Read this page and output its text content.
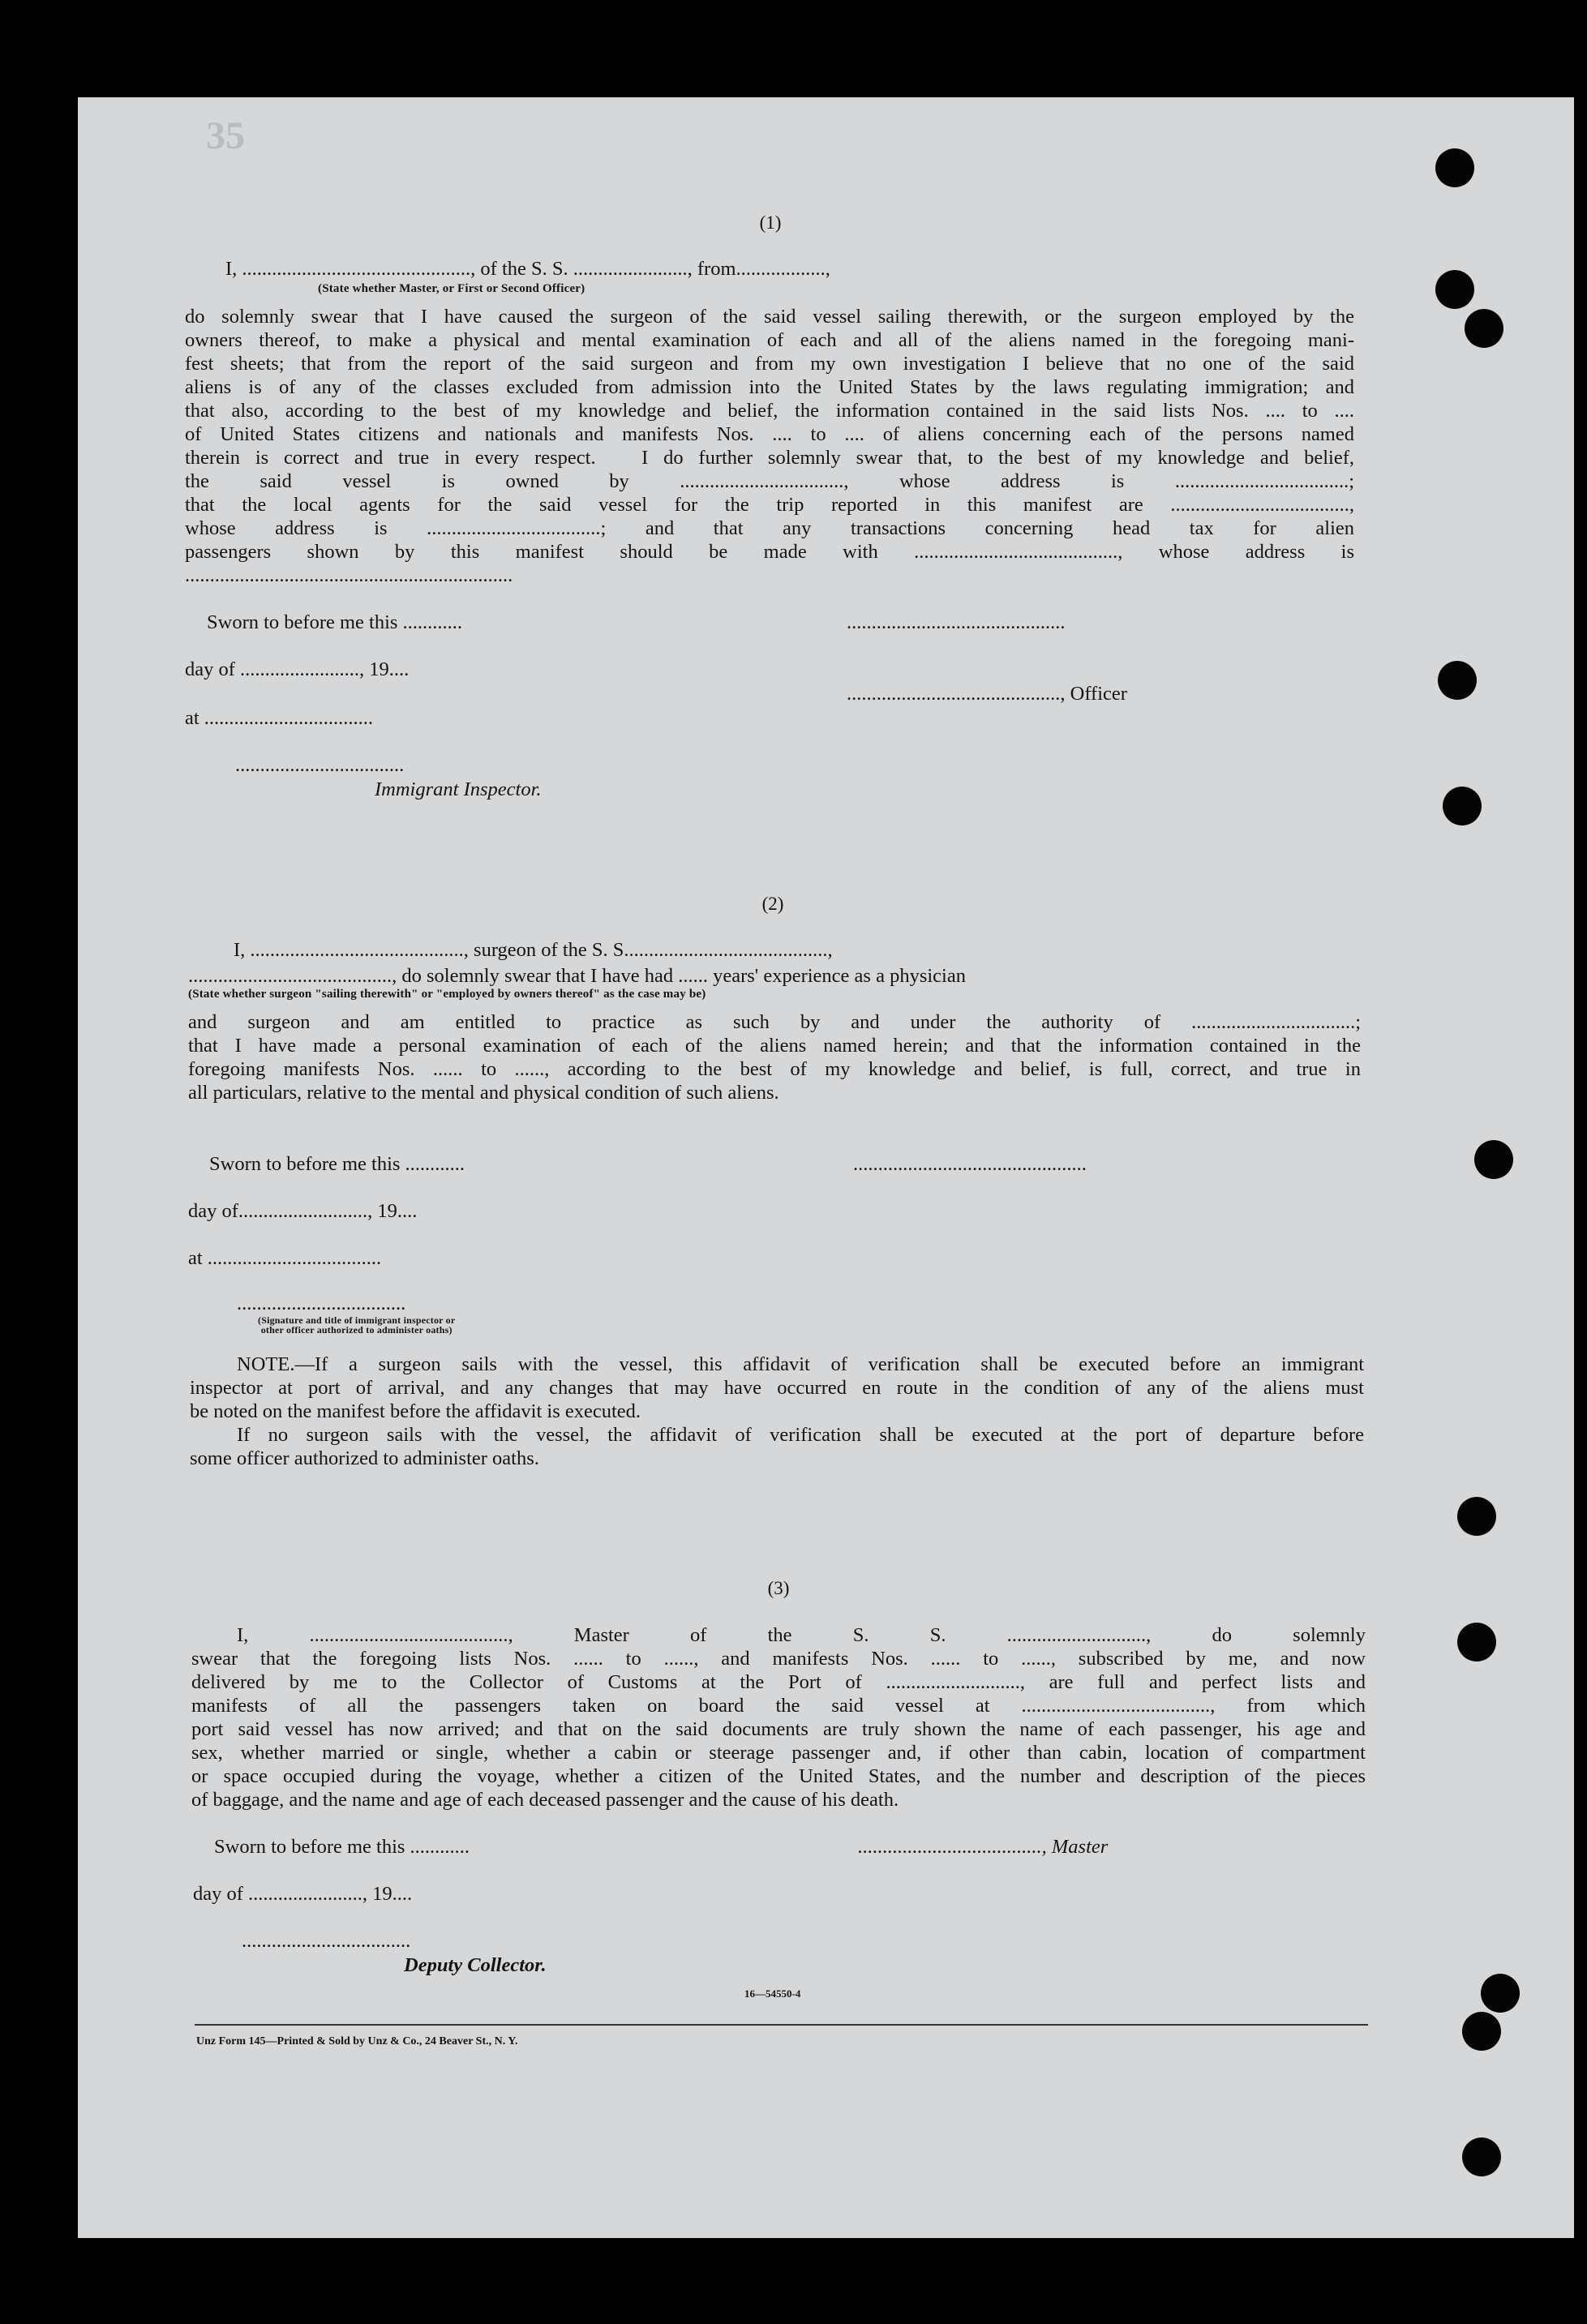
35
(1)
I, .............................................., of the S. S. ......................., from..................,
(State whether Master, or First or Second Officer)
do solemnly swear that I have caused the surgeon of the said vessel sailing therewith, or the surgeon employed by the
owners thereof, to make a physical and mental examination of each and all of the aliens named in the foregoing mani-
fest sheets; that from the report of the said surgeon and from my own investigation I believe that no one of the said
aliens is of any of the classes excluded from admission into the United States by the laws regulating immigration; and
that also, according to the best of my knowledge and belief, the information contained in the said lists Nos. .... to ....
of United States citizens and nationals and manifests Nos. .... to .... of aliens concerning each of the persons named
therein is correct and true in every respect.   I do further solemnly swear that, to the best of my knowledge and belief,
the said vessel is owned by ................................., whose address is ...................................;
that the local agents for the said vessel for the trip reported in this manifest are ....................................,
whose address is ...................................; and that any transactions concerning head tax for alien
passengers shown by this manifest should be made with ........................................., whose address is
..................................................................
Sworn to before me this ............	............................................
day of ........................, 19....
..........................................., Officer
at ..................................
..................................
Immigrant Inspector.
(2)
I, ..........................................., surgeon of the S. S.........................................,
........................................., do solemnly swear that I have had ...... years' experience as a physician
(State whether surgeon "sailing therewith" or "employed by owners thereof" as the case may be)
and surgeon and am entitled to practice as such by and under the authority of .................................;
that I have made a personal examination of each of the aliens named herein; and that the information contained in the
foregoing manifests Nos. ...... to ......, according to the best of my knowledge and belief, is full, correct, and true in
all particulars, relative to the mental and physical condition of such aliens.
Sworn to before me this ............	...............................................
day of.........................., 19....
at ...................................
..................................
(Signature and title of immigrant inspector or
other officer authorized to administer oaths)
NOTE.—If a surgeon sails with the vessel, this affidavit of verification shall be executed before an immigrant
inspector at port of arrival, and any changes that may have occurred en route in the condition of any of the aliens must
be noted on the manifest before the affidavit is executed.
If no surgeon sails with the vessel, the affidavit of verification shall be executed at the port of departure before
some officer authorized to administer oaths.
(3)
I, ........................................, Master of the S. S. ............................, do solemnly
swear that the foregoing lists Nos. ...... to ......, and manifests Nos. ...... to ......, subscribed by me, and now
delivered by me to the Collector of Customs at the Port of ..........................., are full and perfect lists and
manifests of all the passengers taken on board the said vessel at ......................................, from which
port said vessel has now arrived; and that on the said documents are truly shown the name of each passenger, his age and
sex, whether married or single, whether a cabin or steerage passenger and, if other than cabin, location of compartment
or space occupied during the voyage, whether a citizen of the United States, and the number and description of the pieces
of baggage, and the name and age of each deceased passenger and the cause of his death.
Sworn to before me this ............	....................................., Master
day of ......................., 19....
..................................
Deputy Collector.
16—54550-4
Unz Form 145—Printed & Sold by Unz & Co., 24 Beaver St., N. Y.
